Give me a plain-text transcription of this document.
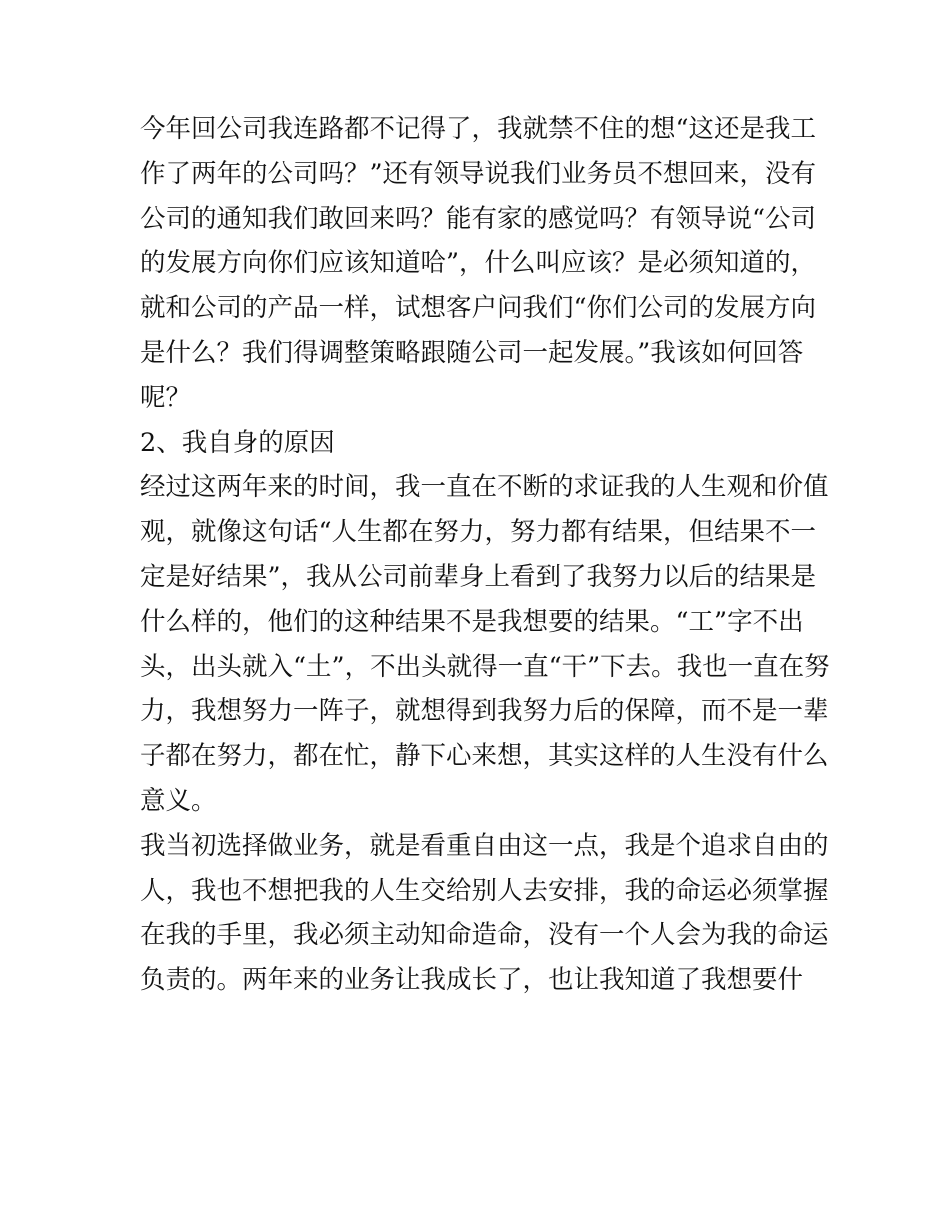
今年回公司我连路都不记得了，我就禁不住的想“这还是我工
作了两年的公司吗？”还有领导说我们业务员不想回来，没有
公司的通知我们敢回来吗？能有家的感觉吗？有领导说“公司
的发展方向你们应该知道哈”，什么叫应该？是必须知道的，
就和公司的产品一样，试想客户问我们“你们公司的发展方向
是什么？我们得调整策略跟随公司一起发展。”我该如何回答
呢？
2、我自身的原因
经过这两年来的时间，我一直在不断的求证我的人生观和价值
观，就像这句话“人生都在努力，努力都有结果，但结果不一
定是好结果”，我从公司前辈身上看到了我努力以后的结果是
什么样的，他们的这种结果不是我想要的结果。“工”字不出
头，出头就入“土”，不出头就得一直“干”下去。我也一直在努
力，我想努力一阵子，就想得到我努力后的保障，而不是一辈
子都在努力，都在忙，静下心来想，其实这样的人生没有什么
意义。
我当初选择做业务，就是看重自由这一点，我是个追求自由的
人，我也不想把我的人生交给别人去安排，我的命运必须掌握
在我的手里，我必须主动知命造命，没有一个人会为我的命运
负责的。两年来的业务让我成长了，也让我知道了我想要什
